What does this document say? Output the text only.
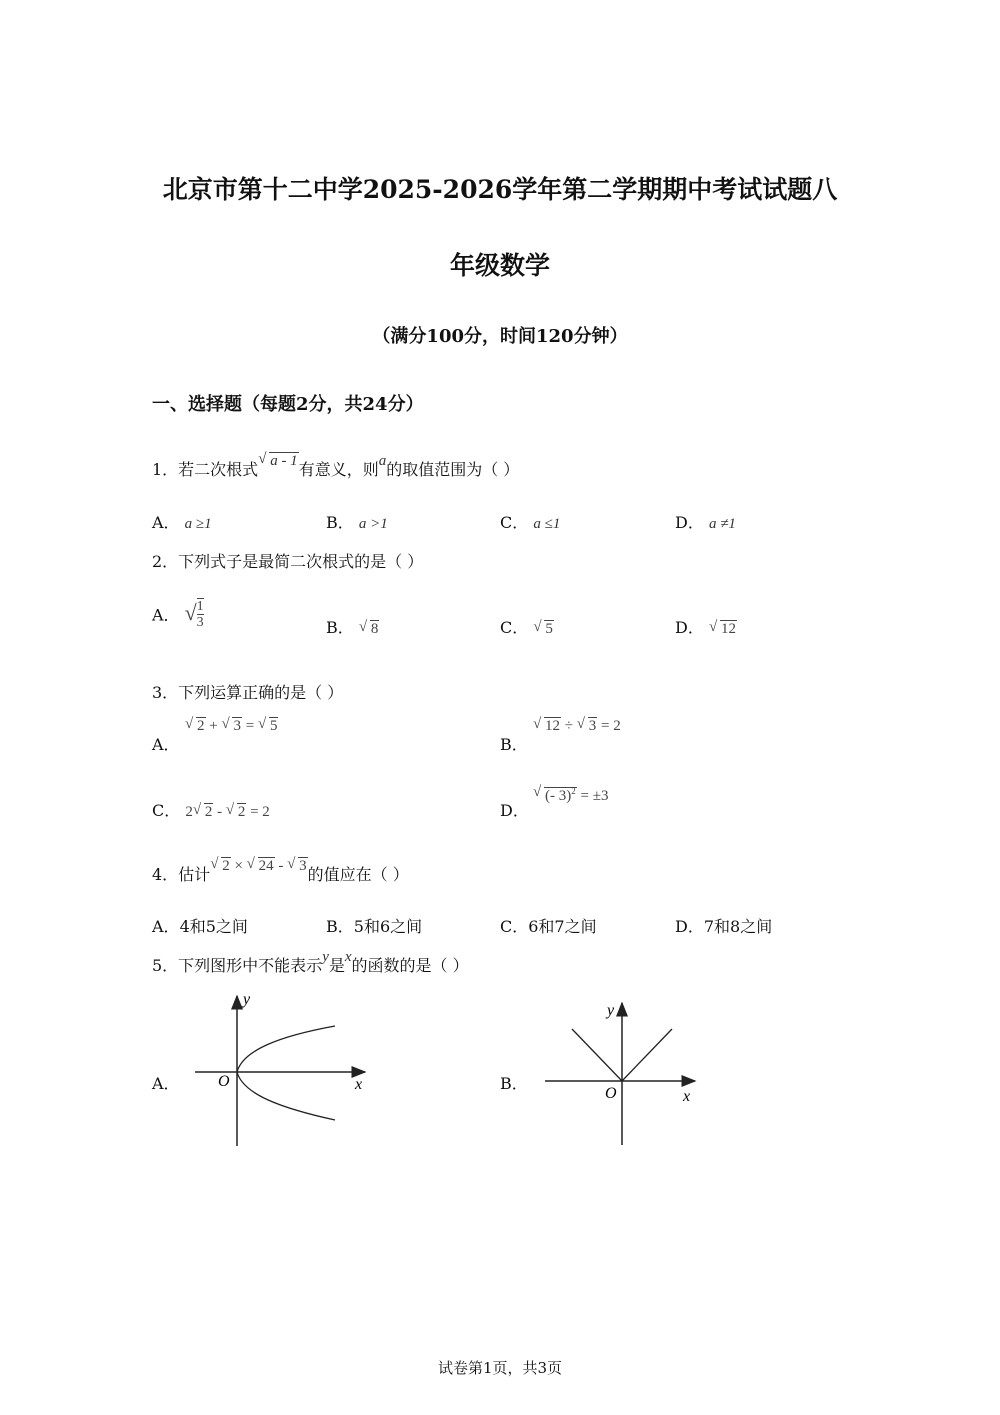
北京市第十二中学2025-2026学年第二学期期中考试试题八
年级数学
（满分100分，时间120分钟）
一、选择题（每题2分，共24分）
1．若二次根式 √ a - 1有意义，则a的取值范围为（ ）
A． a ≥1	B． a >1	C． a ≤1	D． a ≠1
2．下列式子是最简二次根式的是（ ）
A． √ $\frac{1}{3}$	B． √ 8	C． √ 5	D． √ 12
3．下列运算正确的是（ ）
A．
√ 2 + √ 3 = √ 5
B．
√ 12 ÷ √ 3 = 2
C． 2 √ 2 - √ 2 = 2	D．
√ (- 3)$^2$ = ±3
4．估计 √ 2 × √ 24 - √ 3的值应在（ ）
A．4和5之间	B．5和6之间	C．6和7之间	D．7和8之间
5．下列图形中不能表示y是x的函数的是（ ）
A．
y
x
O	B．
y
x
O
试卷第1页，共3页
